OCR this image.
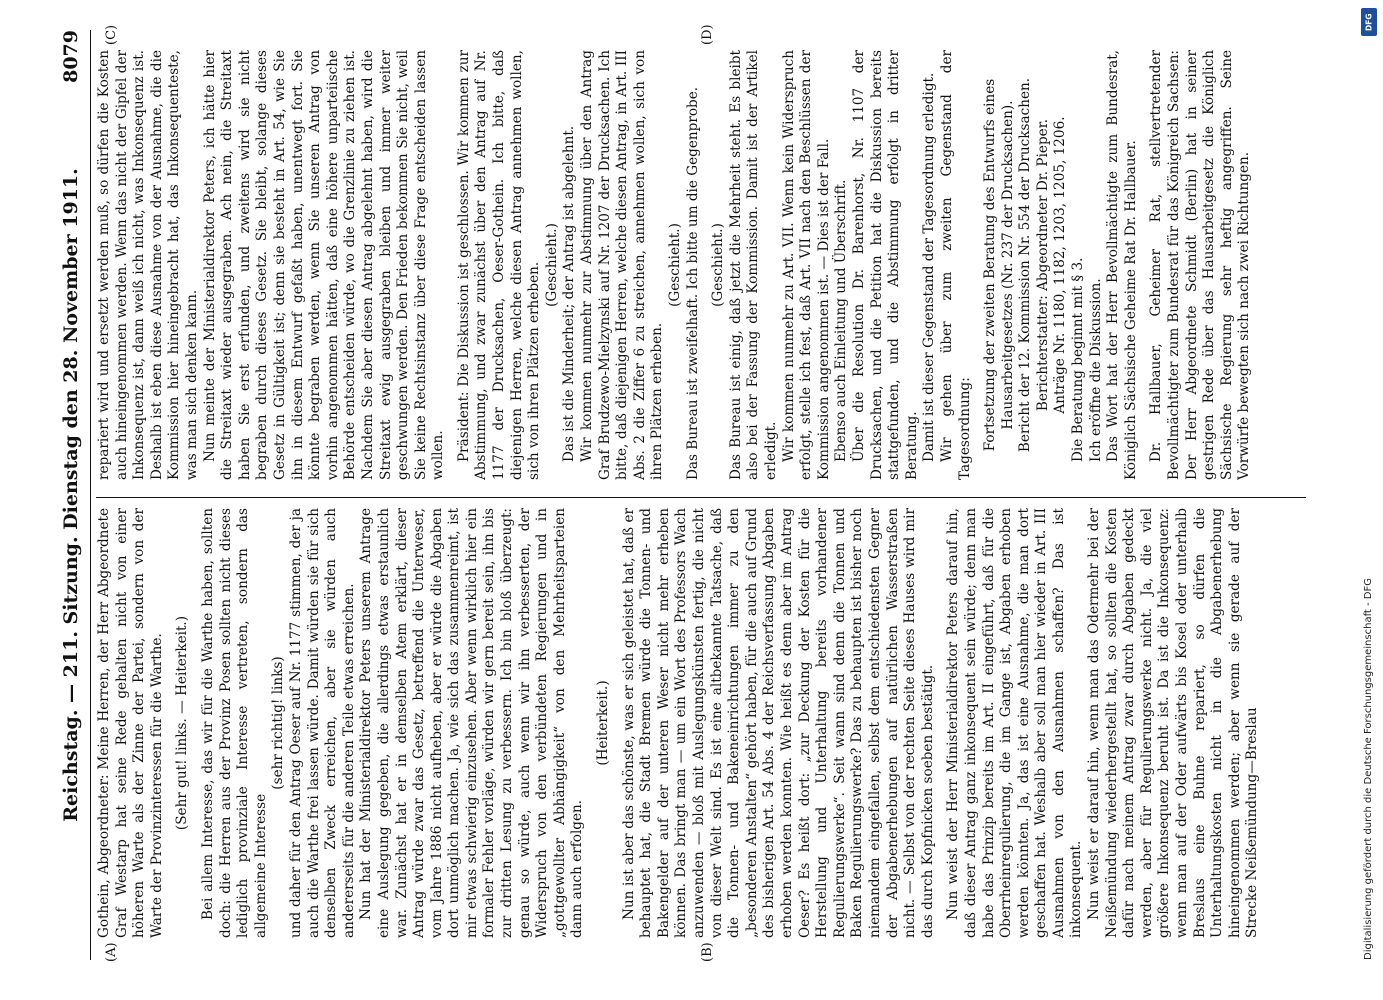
Reichstag. — 211. Sitzung. Dienstag den 28. November 1911.
8079
(A)	(B)
(C)	(D)

Gothein, Abgeordneter: Meine Herren, der Herr Abgeordnete Graf Westarp hat seine Rede gehalten nicht von einer höheren Warte als der Zinne der Partei, sondern von der Warte der Provinzinteressen für die Warthe. (Sehr gut! links. — Heiterkeit.) Bei allem Interesse, das wir für die Warthe haben, sollten doch: die Herren aus der Provinz Posen sollten nicht dieses lediglich provinziale Interesse vertreten, sondern das allgemeine Interesse

(sehr richtig! links) und daher für den Antrag Oeser auf Nr. 1177 stimmen, der ja auch die Warthe frei lassen würde. Damit würden sie für sich denselben Zweck erreichen, aber sie würden auch andererseits für die anderen Teile etwas erreichen. Nun hat der Ministerialdirektor Peters unserem Antrage eine Auslegung gegeben, die allerdings etwas erstaunlich war. Zunächst hat er in demselben Atem erklärt, dieser Antrag würde zwar das Gesetz, betreffend die Unterweser, vom Jahre 1886 nicht aufheben, aber er würde die Abgaben dort unmöglich machen. Ja, wie sich das zusammenreimt, ist mir etwas schwierig einzusehen. Aber wenn wirklich hier ein formaler Fehler vorläge, würden wir gern bereit sein, ihn bis zur dritten Lesung zu verbessern. Ich bin bloß überzeugt: genau so würde, auch wenn wir ihn verbesserten, der Widerspruch von den verbündeten Regierungen und in „gottgewollter Abhängigkeit“ von den Mehrheitsparteien dann auch erfolgen.

(Heiterkeit.) Nun ist aber das schönste, was er sich geleistet hat, daß er behauptet hat, die Stadt Bremen würde die Tonnen- und Bakengelder auf der unteren Weser nicht mehr erheben können. Das bringt man — um ein Wort des Professors Wach anzuwenden — bloß mit Auslegungskünsten fertig, die nicht von dieser Welt sind. Es ist eine altbekannte Tatsache, daß die Tonnen- und Bakeneinrichtungen immer zu den „besonderen Anstalten“ gehört haben, für die auch auf Grund des bisherigen Art. 54 Abs. 4 der Reichsverfassung Abgaben erhoben werden konnten. Wie heißt es denn aber im Antrag Oeser? Es heißt dort: „zur Deckung der Kosten für die Herstellung und Unterhaltung bereits vorhandener Regulierungswerke“. Seit wann sind denn die Tonnen und Baken Regulierungswerke? Das zu behaupten ist bisher noch niemandem eingefallen, selbst dem entschiedensten Gegner der Abgabenerhebungen auf natürlichen Wasserstraßen nicht. — Selbst von der rechten Seite dieses Hauses wird mir das durch Kopfnicken soeben bestätigt. Nun weist der Herr Ministerialdirektor Peters darauf hin, daß dieser Antrag ganz inkonsequent sein würde; denn man habe das Prinzip bereits im Art. II eingeführt, daß für die Oberrheinregulierung, die im Gange ist, Abgaben erhoben werden könnten. Ja, das ist eine Ausnahme, die man dort geschaffen hat. Weshalb aber soll man hier wieder in Art. III Ausnahmen von den Ausnahmen schaffen? Das ist inkonsequent. Nun weist er darauf hin, wenn man das Odermehr bei der Neißemündung wiederhergestellt hat, so sollten die Kosten dafür nach meinem Antrag zwar durch Abgaben gedeckt werden, aber für Regulierungswerke nicht. Ja, die viel größere Inkonsequenz beruht ist. Da ist die Inkonsequenz: wenn man auf der Oder aufwärts bis Kosel oder unterhalb Breslaus eine Buhne repariert, so dürfen die Unterhaltungskosten nicht in die Abgabenerhebung hineingenommen werden; aber wenn sie gerade auf der Strecke Neißemündung—Breslau

repariert wird und ersetzt werden muß, so dürfen die Kosten auch hineingenommen werden. Wenn das nicht der Gipfel der Inkonsequenz ist, dann weiß ich nicht, was Inkonsequenz ist. Deshalb ist eben diese Ausnahme von der Ausnahme, die die Kommission hier hineingebracht hat, das Inkonsequenteste, was man sich denken kann. Nun meinte der Ministerialdirektor Peters, ich hätte hier die Streitaxt wieder ausgegraben. Ach nein, die Streitaxt haben Sie erst erfunden, und zweitens wird sie nicht begraben durch dieses Gesetz. Sie bleibt, solange dieses Gesetz in Gültigkeit ist; denn sie besteht in Art. 54, wie Sie ihn in diesem Entwurf gefaßt haben, unentwegt fort. Sie könnte begraben werden, wenn Sie unseren Antrag von vorhin angenommen hätten, daß eine höhere unparteiische Behörde entscheiden würde, wo die Grenzlinie zu ziehen ist. Nachdem Sie aber diesen Antrag abgelehnt haben, wird die Streitaxt ewig ausgegraben bleiben und immer weiter geschwungen werden. Den Frieden bekommen Sie nicht, weil Sie keine Rechtsinstanz über diese Frage entscheiden lassen wollen. Präsident: Die Diskussion ist geschlossen. Wir kommen zur Abstimmung, und zwar zunächst über den Antrag auf Nr. 1177 der Drucksachen, Oeser-Gothein. Ich bitte, daß diejenigen Herren, welche diesen Antrag annehmen wollen, sich von ihren Plätzen erheben. (Geschieht.) Das ist die Minderheit; der Antrag ist abgelehnt. Wir kommen nunmehr zur Abstimmung über den Antrag Graf Brudzewo-Mielzynski auf Nr. 1207 der Drucksachen. Ich bitte, daß diejenigen Herren, welche diesen Antrag, in Art. III Abs. 2 die Ziffer 6 zu streichen, annehmen wollen, sich von ihren Plätzen erheben.

(Geschieht.) Das Bureau ist zweifelhaft. Ich bitte um die Gegenprobe. (Geschieht.) Das Bureau ist einig, daß jetzt die Mehrheit steht. Es bleibt also bei der Fassung der Kommission. Damit ist der Artikel erledigt. Wir kommen nunmehr zu Art. VII. Wenn kein Widerspruch erfolgt, stelle ich fest, daß Art. VII nach den Beschlüssen der Kommission angenommen ist. — Dies ist der Fall. Ebenso auch Einleitung und Überschrift. Über die Resolution Dr. Barenhorst, Nr. 1107 der Drucksachen, und die Petition hat die Diskussion bereits stattgefunden, und die Abstimmung erfolgt in dritter Beratung. Damit ist dieser Gegenstand der Tagesordnung erledigt. Wir gehen über zum zweiten Gegenstand der Tagesordnung: Fortsetzung der zweiten Beratung des Entwurfs eines Hausarbeitgesetzes (Nr. 237 der Drucksachen). Bericht der 12. Kommission Nr. 554 der Drucksachen. Berichterstatter: Abgeordneter Dr. Pieper. Anträge Nr. 1180, 1182, 1203, 1205, 1206. Die Beratung beginnt mit § 3. Ich eröffne die Diskussion. Das Wort hat der Herr Bevollmächtigte zum Bundesrat, Königlich Sächsische Geheime Rat Dr. Hallbauer. Dr. Hallbauer, Geheimer Rat, stellvertretender Bevollmächtigter zum Bundesrat für das Königreich Sachsen: Der Herr Abgeordnete Schmidt (Berlin) hat in seiner gestrigen Rede über das Hausarbeitgesetz die Königlich Sächsische Regierung sehr heftig angegriffen. Seine Vorwürfe bewegten sich nach zwei Richtungen.

DFG
Digitalisierung gefördert durch die Deutsche Forschungsgemeinschaft - DFG
